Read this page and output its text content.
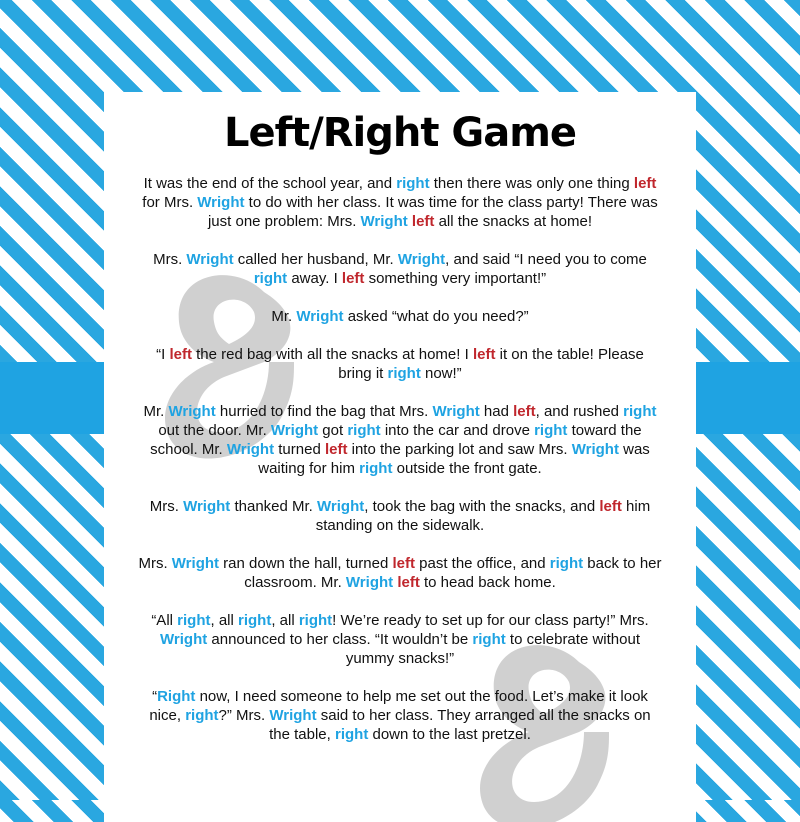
Left/Right Game

It was the end of the school year, and right then there was only one thing left for Mrs. Wright to do with her class. It was time for the class party! There was just one problem: Mrs. Wright left all the snacks at home!

Mrs. Wright called her husband, Mr. Wright, and said “I need you to come right away. I left something very important!”

Mr. Wright asked “what do you need?”

“I left the red bag with all the snacks at home! I left it on the table! Please bring it right now!”

Mr. Wright hurried to find the bag that Mrs. Wright had left, and rushed right out the door. Mr. Wright got right into the car and drove right toward the school. Mr. Wright turned left into the parking lot and saw Mrs. Wright was waiting for him right outside the front gate.

Mrs. Wright thanked Mr. Wright, took the bag with the snacks, and left him standing on the sidewalk.

Mrs. Wright ran down the hall, turned left past the office, and right back to her classroom. Mr. Wright left to head back home.

“All right, all right, all right! We’re ready to set up for our class party!” Mrs. Wright announced to her class. “It wouldn’t be right to celebrate without yummy snacks!”

“Right now, I need someone to help me set out the food. Let’s make it look nice, right?” Mrs. Wright said to her class. They arranged all the snacks on the table, right down to the last pretzel.
